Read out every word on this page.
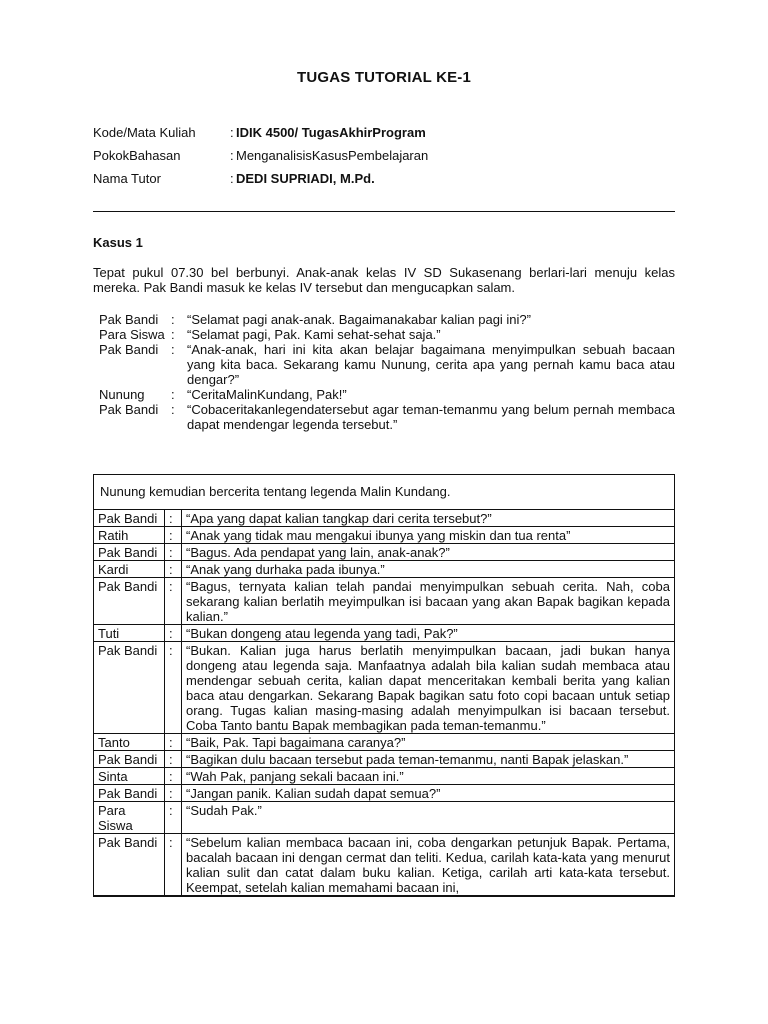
TUGAS TUTORIAL KE-1
Kode/Mata Kuliah	: IDIK 4500/ TugasAkhirProgram
PokokBahasan	: MenganalisisKasusPembelajaran
Nama Tutor	: DEDI SUPRIADI, M.Pd.
Kasus 1
Tepat pukul 07.30 bel berbunyi. Anak-anak kelas IV SD Sukasenang berlari-lari menuju kelas mereka. Pak Bandi masuk ke kelas IV tersebut dan mengucapkan salam.
Pak Bandi : “Selamat pagi anak-anak. Bagaimanakabar kalian pagi ini?”
Para Siswa : “Selamat pagi, Pak. Kami sehat-sehat saja.”
Pak Bandi : “Anak-anak, hari ini kita akan belajar bagaimana menyimpulkan sebuah bacaan yang kita baca. Sekarang kamu Nunung, cerita apa yang pernah kamu baca atau dengar?”
Nunung	: “CeritaMalinKundang, Pak!”
Pak Bandi : “Cobaceritakanlegendatersebut agar teman-temanmu yang belum pernah membaca dapat mendengar legenda tersebut.”
Nunung kemudian bercerita tentang legenda Malin Kundang.
Pak Bandi	:	“Apa yang dapat kalian tangkap dari cerita tersebut?”
Ratih	:	“Anak yang tidak mau mengakui ibunya yang miskin dan tua renta”
Pak Bandi	:	“Bagus. Ada pendapat yang lain, anak-anak?”
Kardi	:	“Anak yang durhaka pada ibunya.”
Pak Bandi	:	“Bagus, ternyata kalian telah pandai menyimpulkan sebuah cerita. Nah, coba sekarang kalian berlatih meyimpulkan isi bacaan yang akan Bapak bagikan kepada kalian.”
Tuti	:	“Bukan dongeng atau legenda yang tadi, Pak?”
Pak Bandi	:	“Bukan. Kalian juga harus berlatih menyimpulkan bacaan, jadi bukan hanya dongeng atau legenda saja. Manfaatnya adalah bila kalian sudah membaca atau mendengar sebuah cerita, kalian dapat menceritakan kembali berita yang kalian baca atau dengarkan. Sekarang Bapak bagikan satu foto copi bacaan untuk setiap orang. Tugas kalian masing-masing adalah menyimpulkan isi bacaan tersebut. Coba Tanto bantu Bapak membagikan pada teman-temanmu.”
Tanto	:	“Baik, Pak. Tapi bagaimana caranya?”
Pak Bandi	:	“Bagikan dulu bacaan tersebut pada teman-temanmu, nanti Bapak jelaskan.”
Sinta	:	“Wah Pak, panjang sekali bacaan ini.”
Pak Bandi	:	“Jangan panik. Kalian sudah dapat semua?”
Para Siswa	:	“Sudah Pak.”
Pak Bandi	:	“Sebelum kalian membaca bacaan ini, coba dengarkan petunjuk Bapak. Pertama, bacalah bacaan ini dengan cermat dan teliti. Kedua, carilah kata-kata yang menurut kalian sulit dan catat dalam buku kalian. Ketiga, carilah arti kata-kata tersebut. Keempat, setelah kalian memahami bacaan ini,
